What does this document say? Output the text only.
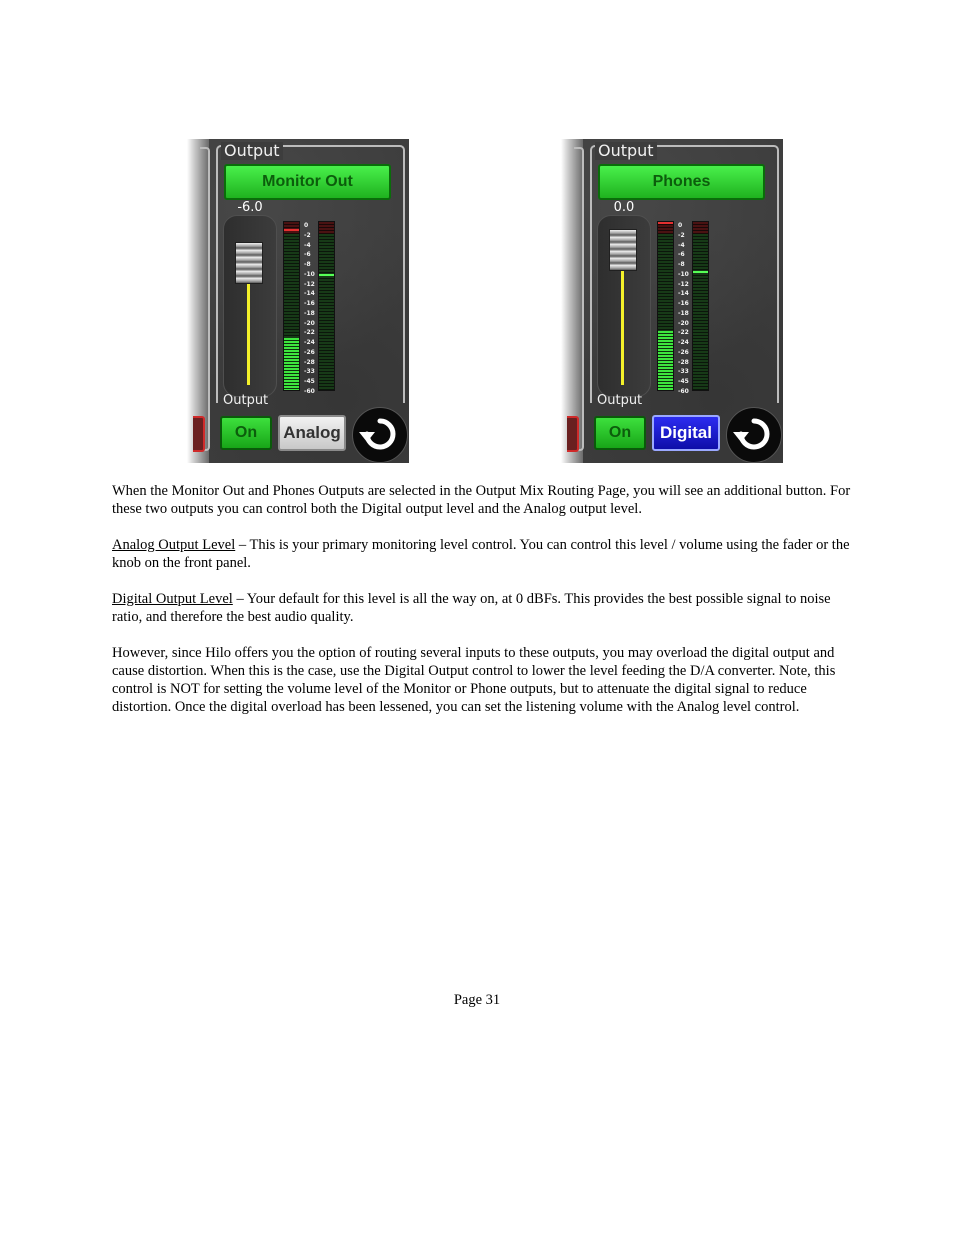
Output
Monitor Out
-6.0
Output
0
-2
-4
-6
-8
-10
-12
-14
-16
-18
-20
-22
-24
-26
-28
-33
-45
-60
On	Analog
Output
Phones
0.0
Output
0
-2
-4
-6
-8
-10
-12
-14
-16
-18
-20
-22
-24
-26
-28
-33
-45
-60
On	Digital

When the Monitor Out and Phones Outputs are selected in the Output Mix Routing Page, you will see an additional button. For these two outputs you can control both the Digital output level and the Analog output level.

Analog Output Level – This is your primary monitoring level control. You can control this level / volume using the fader or the knob on the front panel.

Digital Output Level – Your default for this level is all the way on, at 0 dBFs. This provides the best possible signal to noise ratio, and therefore the best audio quality.

However, since Hilo offers you the option of routing several inputs to these outputs, you may overload the digital output and cause distortion. When this is the case, use the Digital Output control to lower the level feeding the D/A converter. Note, this control is NOT for setting the volume level of the Monitor or Phone outputs, but to attenuate the digital signal to reduce distortion. Once the digital overload has been lessened, you can set the listening volume with the Analog level control.

Page 31
